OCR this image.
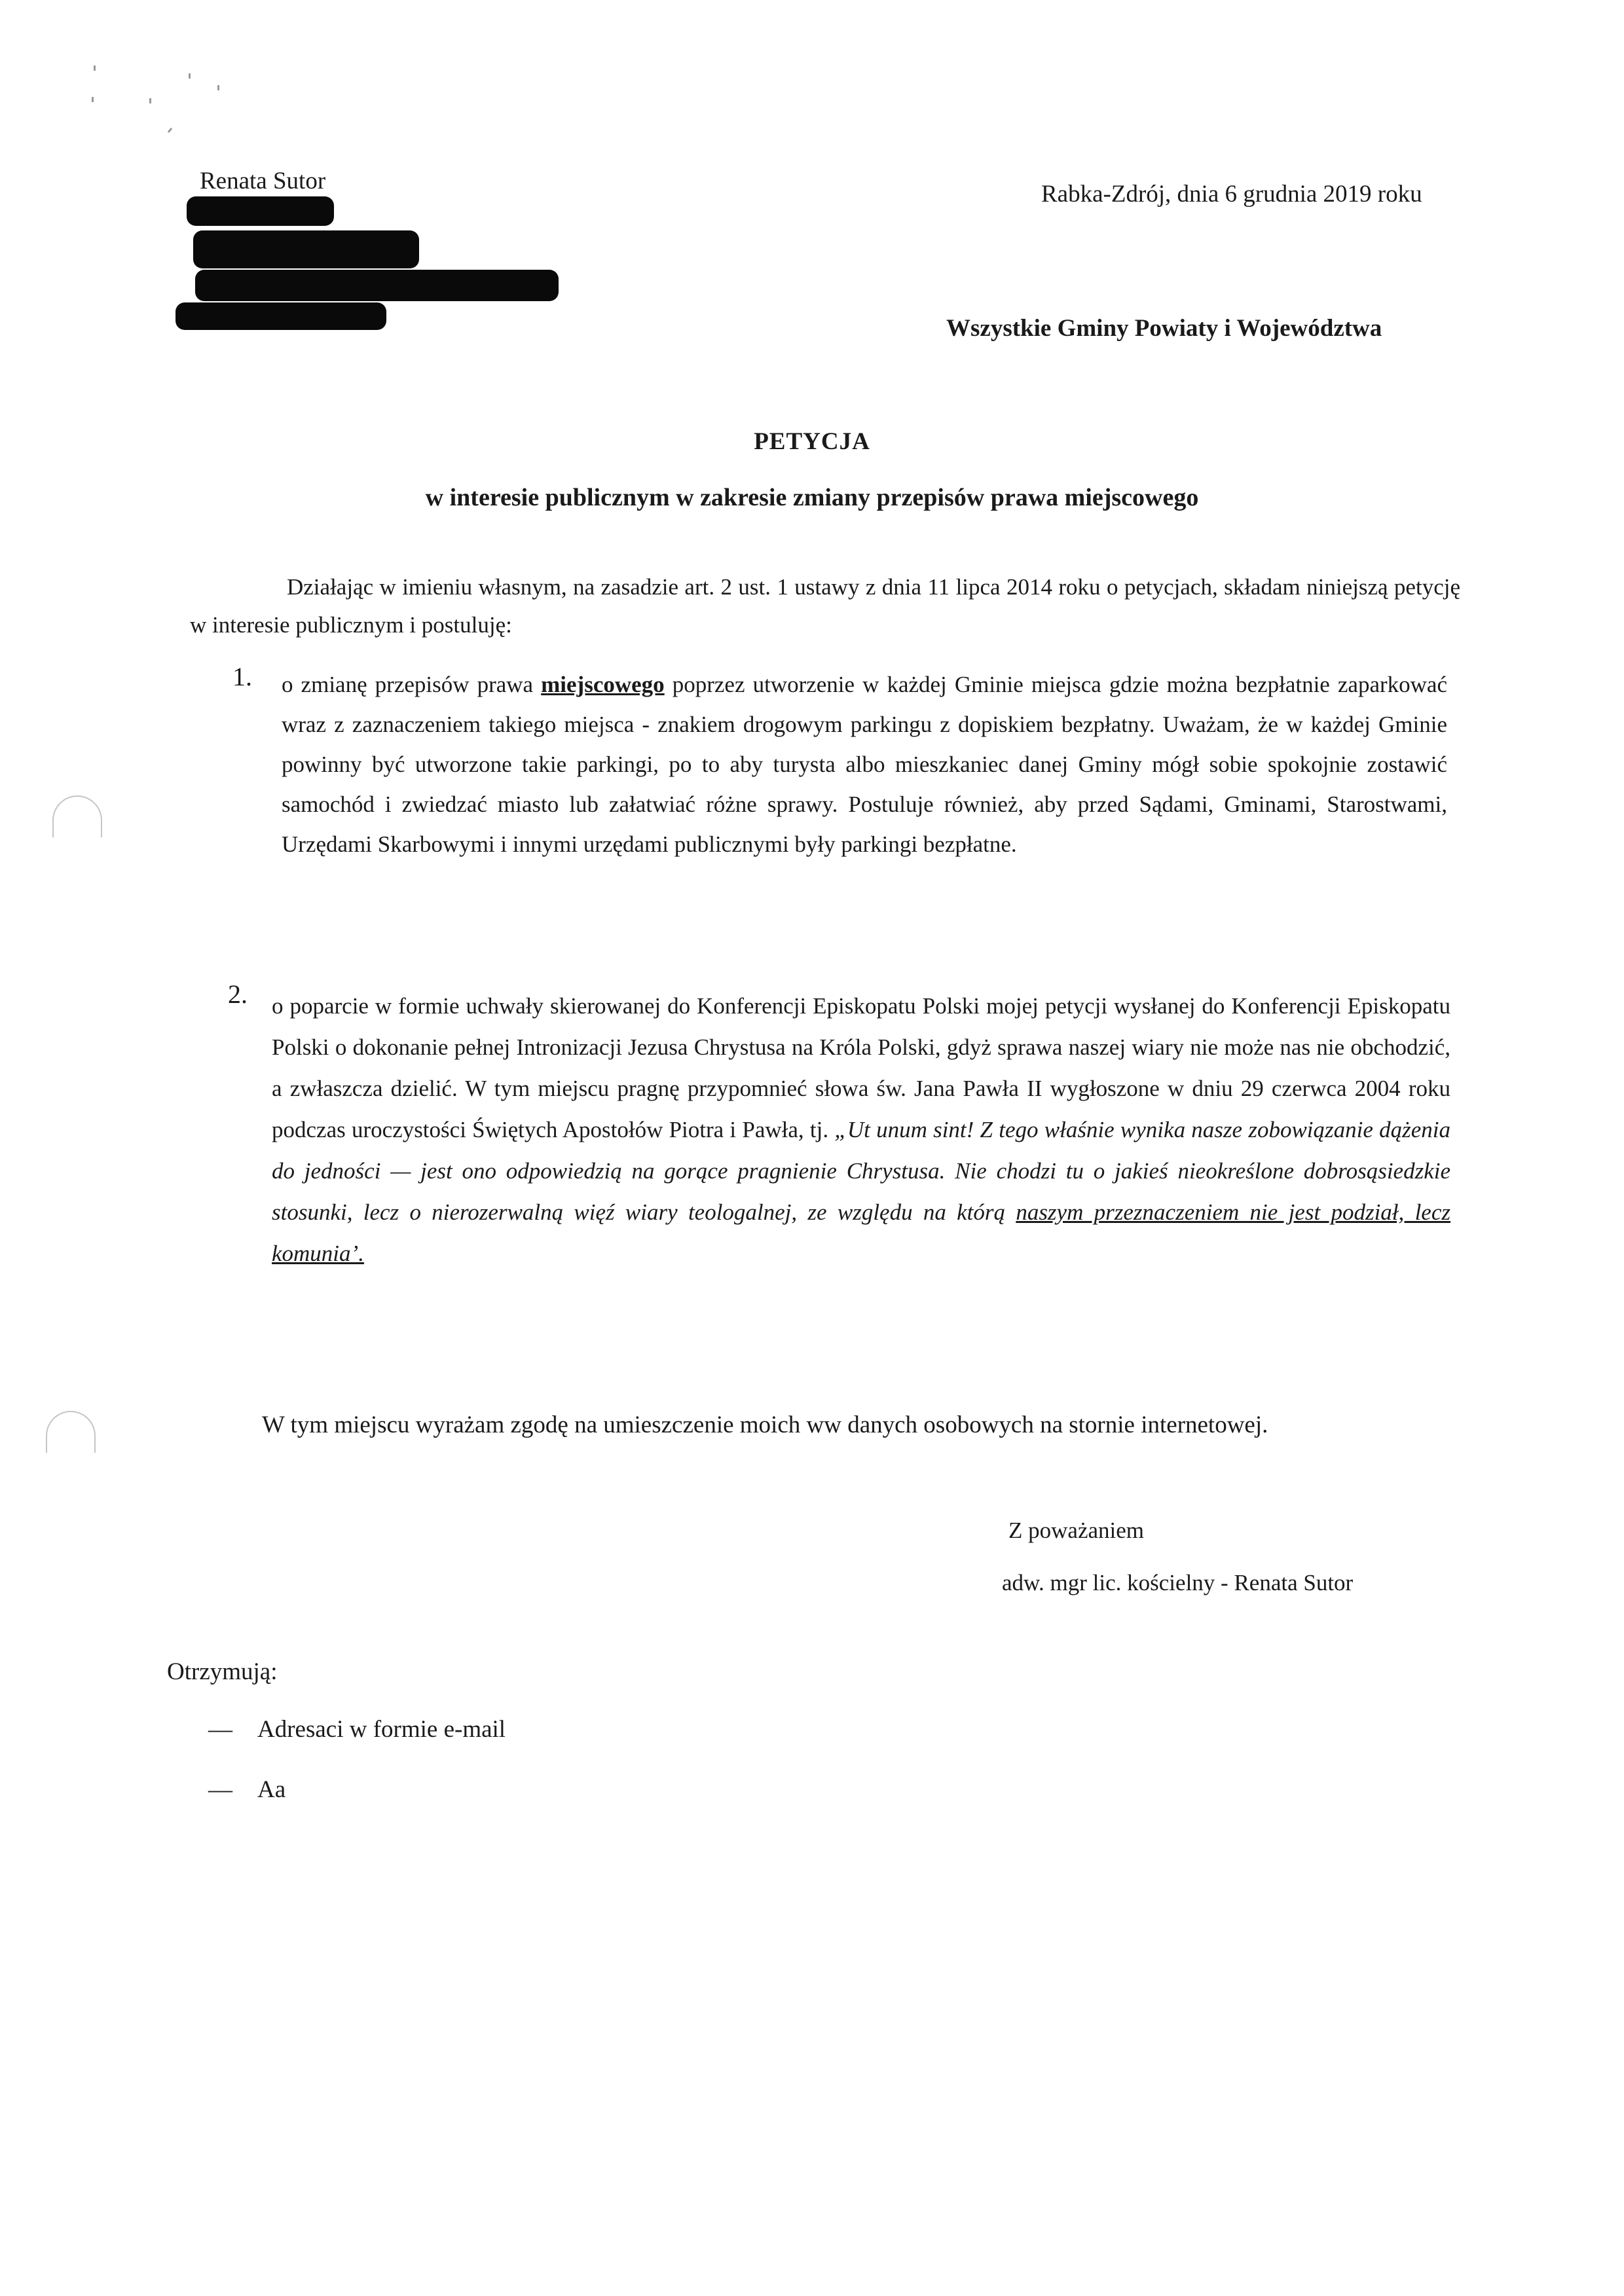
Renata Sutor	Rabka-Zdrój, dnia 6 grudnia 2019 roku
Wszystkie Gminy Powiaty i Województwa
PETYCJA
w interesie publicznym w zakresie zmiany przepisów prawa miejscowego
Działając w imieniu własnym, na zasadzie art. 2 ust. 1 ustawy z dnia 11 lipca 2014 roku o petycjach, składam niniejszą petycję w interesie publicznym i postuluję:
1. o zmianę przepisów prawa miejscowego poprzez utworzenie w każdej Gminie miejsca gdzie można bezpłatnie zaparkować wraz z zaznaczeniem takiego miejsca - znakiem drogowym parkingu z dopiskiem bezpłatny. Uważam, że w każdej Gminie powinny być utworzone takie parkingi, po to aby turysta albo mieszkaniec danej Gminy mógł sobie spokojnie zostawić samochód i zwiedzać miasto lub załatwiać różne sprawy. Postuluje również, aby przed Sądami, Gminami, Starostwami, Urzędami Skarbowymi i innymi urzędami publicznymi były parkingi bezpłatne.
2. o poparcie w formie uchwały skierowanej do Konferencji Episkopatu Polski mojej petycji wysłanej do Konferencji Episkopatu Polski o dokonanie pełnej Intronizacji Jezusa Chrystusa na Króla Polski, gdyż sprawa naszej wiary nie może nas nie obchodzić, a zwłaszcza dzielić. W tym miejscu pragnę przypomnieć słowa św. Jana Pawła II wygłoszone w dniu 29 czerwca 2004 roku podczas uroczystości Świętych Apostołów Piotra i Pawła, tj. „Ut unum sint! Z tego właśnie wynika nasze zobowiązanie dążenia do jedności — jest ono odpowiedzią na gorące pragnienie Chrystusa. Nie chodzi tu o jakieś nieokreślone dobrosąsiedzkie stosunki, lecz o nierozerwalną więź wiary teologalnej, ze względu na którą naszym przeznaczeniem nie jest podział, lecz komunia’.
W tym miejscu wyrażam zgodę na umieszczenie moich ww danych osobowych na stornie internetowej.
Z poważaniem
adw. mgr lic. kościelny - Renata Sutor
Otrzymują:
— Adresaci w formie e-mail
— Aa
